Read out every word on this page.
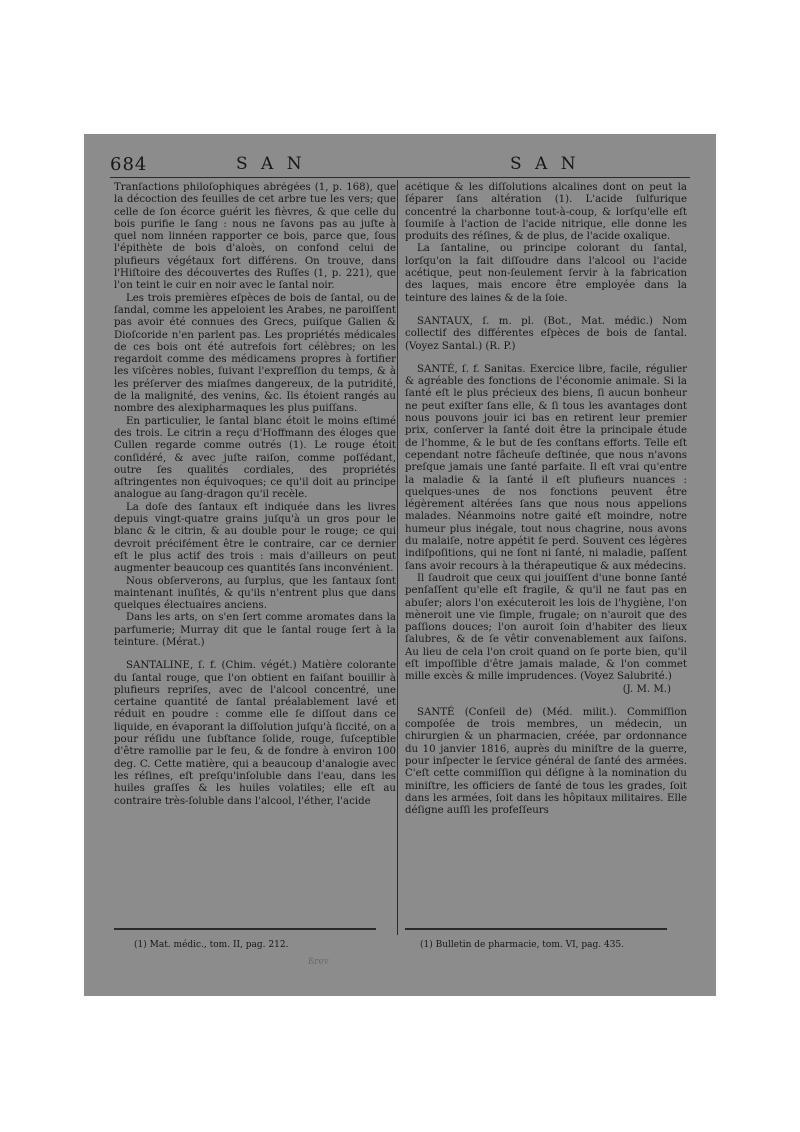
684	S A N	S A N

Tranſactions philoſophiques abrégées (1, p. 168), que la décoction des feuilles de cet arbre tue les vers; que celle de ſon écorce guérit les fièvres, & que celle du bois purifie le ſang : nous ne ſavons pas au juſte à quel nom linnéen rapporter ce bois, parce que, ſous l'épithète de bois d'aloès, on confond celui de plufieurs végétaux fort différens. On trouve, dans l'Hiſtoire des découvertes des Ruſſes (1, p. 221), que l'on teint le cuir en noir avec le ſantal noir.

Les trois premières eſpèces de bois de ſantal, ou de ſandal, comme les appeloient les Arabes, ne paroiſſent pas avoir été connues des Grecs, puiſque Galien & Dioſcoride n'en parlent pas. Les propriétés médicales de ces bois ont été autrefois fort célèbres; on les regardoit comme des médicamens propres à fortifier les viſcères nobles, ſuivant l'expreſſion du temps, & à les préſerver des miaſmes dangereux, de la putridité, de la malignité, des venins, &c. Ils étoient rangés au nombre des alexipharmaques les plus puiſſans.

En particulier, le ſantal blanc étoit le moins eſtimé des trois. Le citrin a reçu d'Hoffmann des éloges que Cullen regarde comme outrés (1). Le rouge étoit conſidéré, & avec juſte raiſon, comme poſſédant, outre ſes qualités cordiales, des propriétés aſtringentes non équivoques; ce qu'il doit au principe analogue au ſang-dragon qu'il recèle.

La doſe des ſantaux eſt indiquée dans les livres depuis vingt-quatre grains juſqu'à un gros pour le blanc & le citrin, & au double pour le rouge; ce qui devroit précifément être le contraire, car ce dernier eſt le plus actif des trois : mais d'ailleurs on peut augmenter beaucoup ces quantités ſans inconvénient.

Nous obſerverons, au ſurplus, que les ſantaux ſont maintenant inuſités, & qu'ils n'entrent plus que dans quelques électuaires anciens.

Dans les arts, on s'en ſert comme aromates dans la parfumerie; Murray dit que le ſantal rouge ſert à la teinture. (Mérat.)

SANTALINE, ſ. f. (Chim. végét.) Matière colorante du ſantal rouge, que l'on obtient en faiſant bouillir à plufieurs repriſes, avec de l'alcool concentré, une certaine quantité de ſantal préalablement lavé et réduit en poudre : comme elle ſe diſſout dans ce liquide, en évaporant la diſſolution juſqu'à ſiccité, on a pour réſidu une ſubſtance ſolide, rouge, ſuſceptible d'être ramollie par le feu, & de fondre à environ 100 deg. C. Cette matière, qui a beaucoup d'analogie avec les réſines, eſt preſqu'inſoluble dans l'eau, dans les huiles graſſes & les huiles volatiles; elle eſt au contraire très-ſoluble dans l'alcool, l'éther, l'acide

acétique & les diſſolutions alcalines dont on peut la ſéparer ſans altération (1). L'acide ſulfurique concentré la charbonne tout-à-coup, & lorſqu'elle eſt ſoumiſe à l'action de l'acide nitrique, elle donne les produits des réſines, & de plus, de l'acide oxalique.

La ſantaline, ou principe colorant du ſantal, lorſqu'on la fait diſſoudre dans l'alcool ou l'acide acétique, peut non-ſeulement ſervir à la fabrication des laques, mais encore être employée dans la teinture des laines & de la ſoie.

SANTAUX, ſ. m. pl. (Bot., Mat. médic.) Nom collectif des différentes eſpèces de bois de ſantal. (Voyez Santal.) (R. P.)

SANTÉ, ſ. f. Sanitas. Exercice libre, facile, régulier & agréable des fonctions de l'économie animale. Si la ſanté eſt le plus précieux des biens, ſi aucun bonheur ne peut exiſter ſans elle, & ſi tous les avantages dont nous pouvons jouir ici bas en retirent leur premier prix, conſerver la ſanté doit être la principale étude de l'homme, & le but de ſes conſtans efforts. Telle eſt cependant notre fâcheuſe deſtinée, que nous n'avons preſque jamais une ſanté parfaite. Il eſt vrai qu'entre la maladie & la ſanté il eſt plufieurs nuances : quelques-unes de nos fonctions peuvent être légèrement altérées ſans que nous nous appelions malades. Néanmoins notre gaité eſt moindre, notre humeur plus inégale, tout nous chagrine, nous avons du malaiſe, notre appétit ſe perd. Souvent ces légères indiſpoſitions, qui ne ſont ni ſanté, ni maladie, paſſent ſans avoir recours à la thérapeutique & aux médecins.

Il ſaudroit que ceux qui jouiſſent d'une bonne ſanté penſaſſent qu'elle eſt fragile, & qu'il ne faut pas en abuſer; alors l'on exécuteroit les lois de l'hygiène, l'on mèneroit une vie ſimple, frugale; on n'auroit que des paſſions douces; l'on auroit ſoin d'habiter des lieux ſalubres, & de ſe vêtir convenablement aux ſaiſons. Au lieu de cela l'on croit quand on ſe porte bien, qu'il eſt impoſſible d'être jamais malade, & l'on commet mille excès & mille imprudences. (Voyez Salubrité.)

(J. M. M.)

SANTÉ (Conſeil de) (Méd. milit.). Commiſſion compoſée de trois membres, un médecin, un chirurgien & un pharmacien, créée, par ordonnance du 10 janvier 1816, auprès du miniſtre de la guerre, pour inſpecter le ſervice général de ſanté des armées. C'eſt cette commiſſion qui déſigne à la nomination du miniſtre, les officiers de ſanté de tous les grades, ſoit dans les armées, ſoit dans les hôpitaux militaires. Elle déſigne auſſi les profeſſeurs

(1) Mat. médic., tom. II, pag. 212.	(1) Bulletin de pharmacie, tom. VI, pag. 435.
ßrev
